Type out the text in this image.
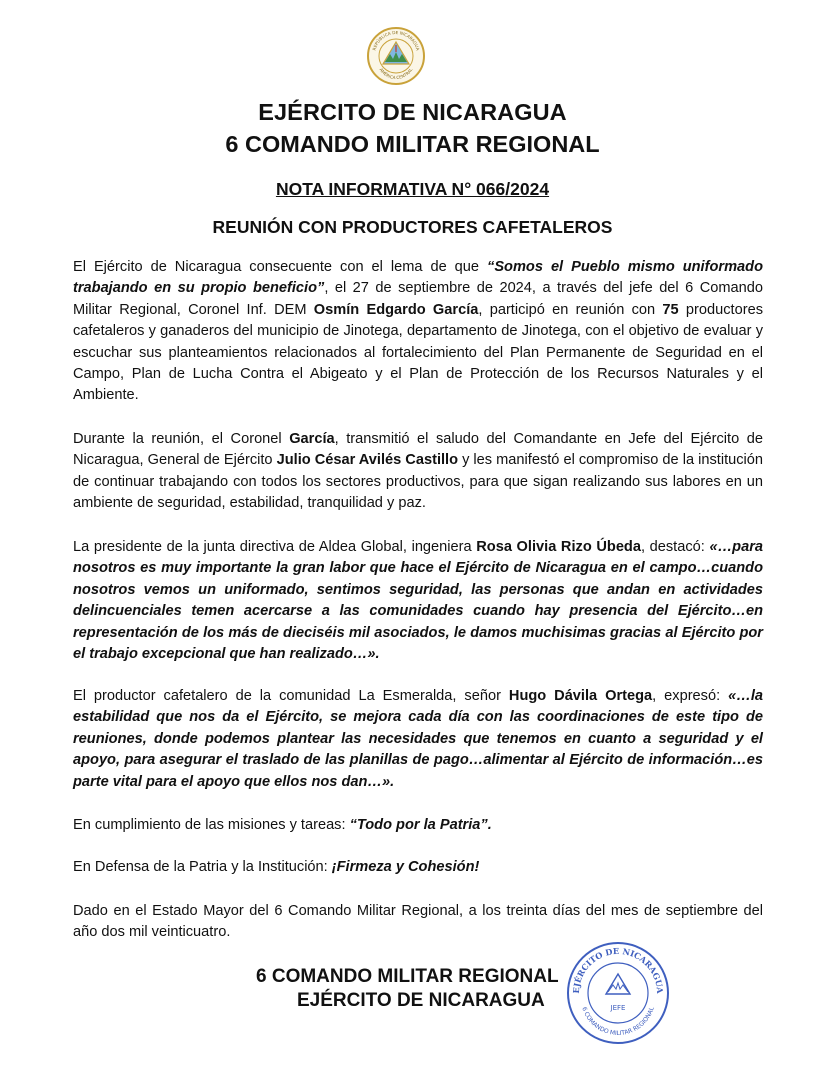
REPÚBLICA DE NICARAGUA
AMÉRICA CENTRAL
EJÉRCITO DE NICARAGUA
6 COMANDO MILITAR REGIONAL
NOTA INFORMATIVA N° 066/2024
REUNIÓN CON PRODUCTORES CAFETALEROS

El Ejército de Nicaragua consecuente con el lema de que “Somos el Pueblo mismo uniformado trabajando en su propio beneficio”, el 27 de septiembre de 2024, a través del jefe del 6 Comando Militar Regional, Coronel Inf. DEM Osmín Edgardo García, participó en reunión con 75 productores cafetaleros y ganaderos del municipio de Jinotega, departamento de Jinotega, con el objetivo de evaluar y escuchar sus planteamientos relacionados al fortalecimiento del Plan Permanente de Seguridad en el Campo, Plan de Lucha Contra el Abigeato y el Plan de Protección de los Recursos Naturales y el Ambiente.

Durante la reunión, el Coronel García, transmitió el saludo del Comandante en Jefe del Ejército de Nicaragua, General de Ejército Julio César Avilés Castillo y les manifestó el compromiso de la institución de continuar trabajando con todos los sectores productivos, para que sigan realizando sus labores en un ambiente de seguridad, estabilidad, tranquilidad y paz.

La presidente de la junta directiva de Aldea Global, ingeniera Rosa Olivia Rizo Úbeda, destacó: «…para nosotros es muy importante la gran labor que hace el Ejército de Nicaragua en el campo…cuando nosotros vemos un uniformado, sentimos seguridad, las personas que andan en actividades delincuenciales temen acercarse a las comunidades cuando hay presencia del Ejército…en representación de los más de dieciséis mil asociados, le damos muchisimas gracias al Ejército por el trabajo excepcional que han realizado…».

El productor cafetalero de la comunidad La Esmeralda, señor Hugo Dávila Ortega, expresó: «…la estabilidad que nos da el Ejército, se mejora cada día con las coordinaciones de este tipo de reuniones, donde podemos plantear las necesidades que tenemos en cuanto a seguridad y el apoyo, para asegurar el traslado de las planillas de pago…alimentar al Ejército de información…es parte vital para el apoyo que ellos nos dan…».

En cumplimiento de las misiones y tareas: “Todo por la Patria”.

En Defensa de la Patria y la Institución: ¡Firmeza y Cohesión!

Dado en el Estado Mayor del 6 Comando Militar Regional, a los treinta días del mes de septiembre del año dos mil veinticuatro.

6 COMANDO MILITAR REGIONAL
EJÉRCITO DE NICARAGUA	EJÉRCITO DE NICARAGUA
6 COMANDO MILITAR REGIONAL
JEFE
